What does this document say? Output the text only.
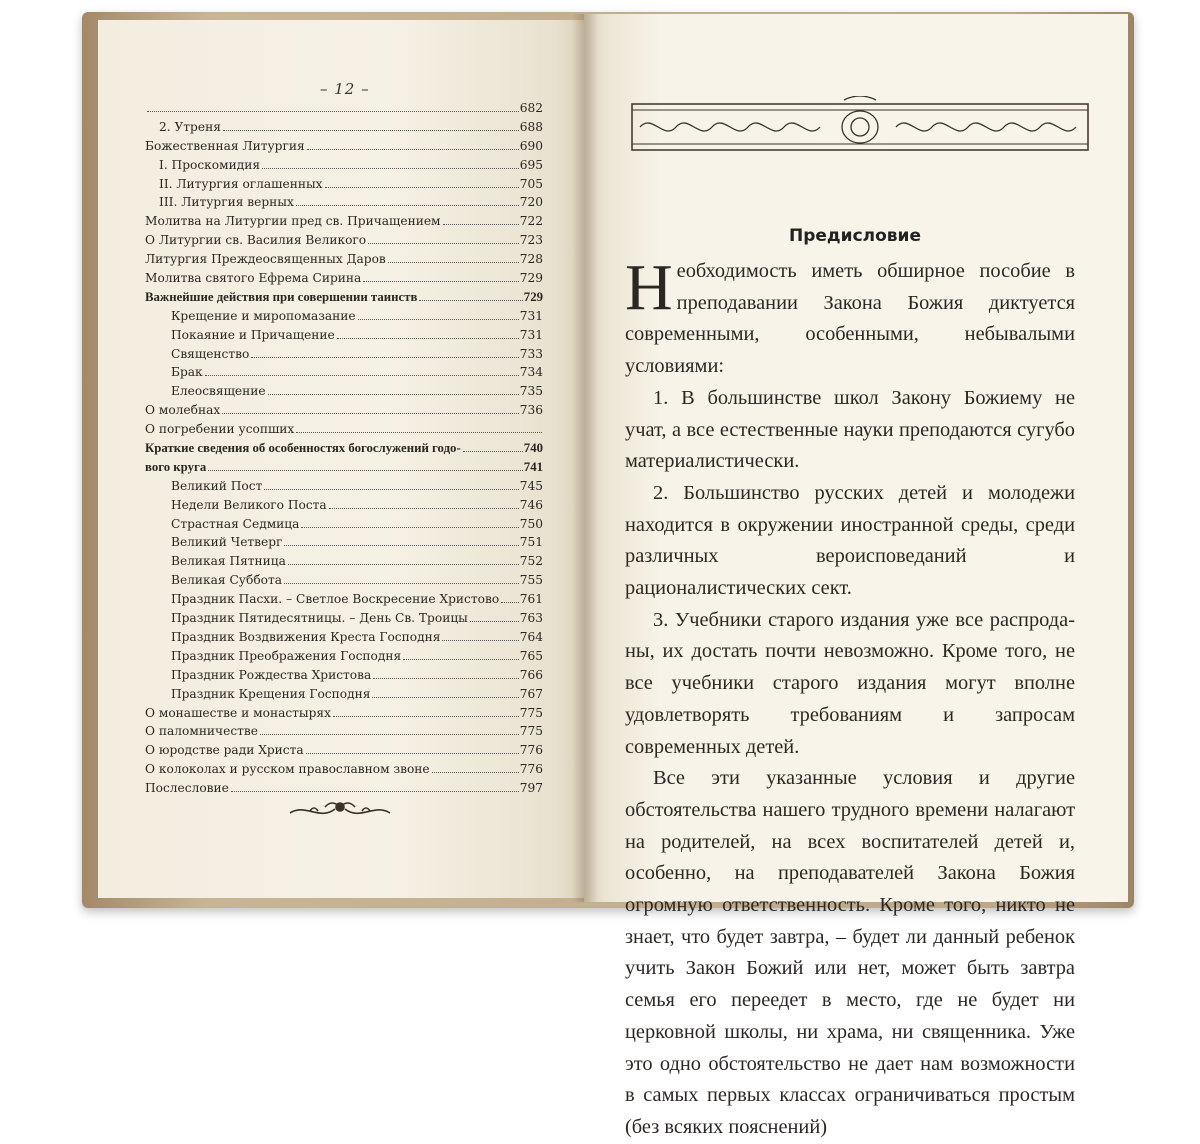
– 12 –
682
2. Утреня	688
Божественная Литургия	690
I. Проскомидия	695
II. Литургия оглашенных	705
III. Литургия верных	720
Молитва на Литургии пред св. Причащением	722
О Литургии св. Василия Великого	723
Литургия Преждеосвященных Даров	728
Молитва святого Ефрема Сирина	729
Важнейшие действия при совершении таинств	729
Крещение и миропомазание	731
Покаяние и Причащение	731
Священство	733
Брак	734
Елеосвящение	735
О молебнах	736
О погребении усопших
Краткие сведения об особенностях богослужений годо-	740
вого круга	741
Великий Пост	745
Недели Великого Поста	746
Страстная Седмица	750
Великий Четверг	751
Великая Пятница	752
Великая Суббота	755
Праздник Пасхи. – Светлое Воскресение Христово 761
Праздник Пятидесятницы. – День Св. Троицы	763
Праздник Воздвижения Креста Господня	764
Праздник Преображения Господня	765
Праздник Рождества Христова	766
Праздник Крещения Господня	767
О монашестве и монастырях	775
О паломничестве	775
О юродстве ради Христа	776
О колоколах и русском православном звоне	776
Послесловие	797
Предисловие

Необходимость иметь обширное пособие в преподавании Закона Божия диктуется современными, особенными, небывалыми условиями:

1. В большинстве школ Закону Божиему не учат, а все естественные науки преподаются сугубо материалистически.

2. Большинство русских детей и молодежи находится в окружении иностранной среды, среди различных вероисповеданий и рационалистических сект.

3. Учебники старого издания уже все распроданы, их достать почти невозможно. Кроме того, не все учебники старого издания могут вполне удовлетворять требованиям и запросам современных детей.

Все эти указанные условия и другие обстоятельства нашего трудного времени налагают на родителей, на всех воспитателей детей и, особенно, на преподавателей Закона Божия огромную ответственность. Кроме того, никто не знает, что будет завтра, – будет ли данный ребенок учить Закон Божий или нет, может быть завтра семья его переедет в место, где не будет ни церковной школы, ни храма, ни священника. Уже это одно обстоятельство не дает нам возможности в самых первых классах ограничиваться простым (без всяких пояснений)
